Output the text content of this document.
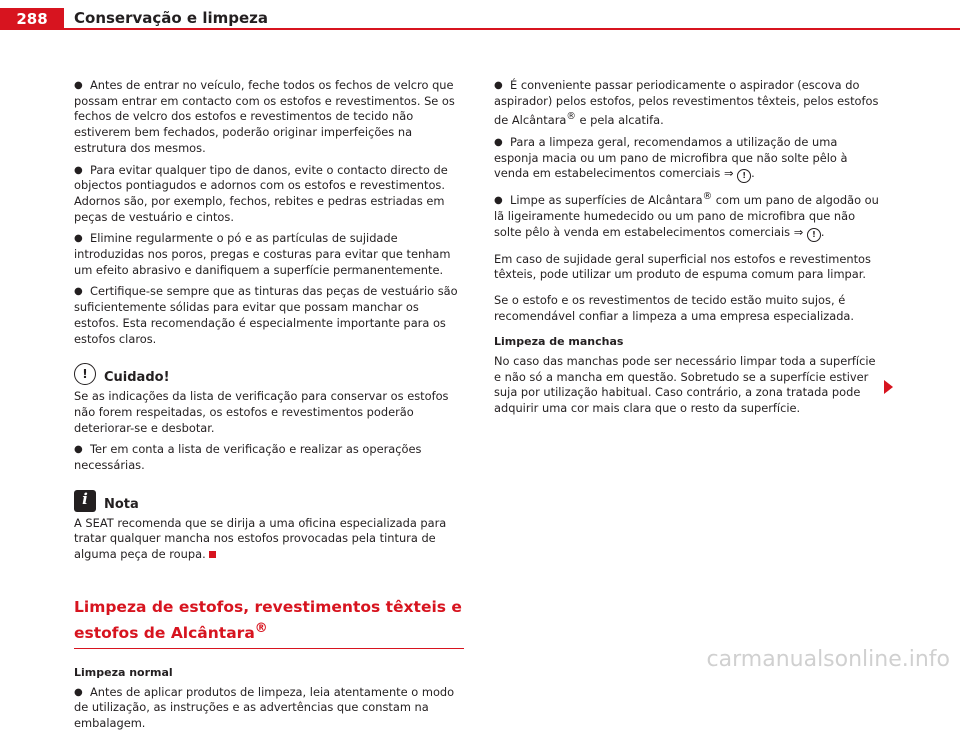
288	Conservação e limpeza

● Antes de entrar no veículo, feche todos os fechos de velcro que possam entrar em contacto com os estofos e revestimentos. Se os fechos de velcro dos estofos e revestimentos de tecido não estiverem bem fechados, poderão originar imperfeições na estrutura dos mesmos.

● Para evitar qualquer tipo de danos, evite o contacto directo de objectos pontiagudos e adornos com os estofos e revestimentos. Adornos são, por exemplo, fechos, rebites e pedras estriadas em peças de vestuário e cintos.

● Elimine regularmente o pó e as partículas de sujidade introduzidas nos poros, pregas e costuras para evitar que tenham um efeito abrasivo e danifiquem a superfície permanentemente.

● Certifique-se sempre que as tinturas das peças de vestuário são suficientemente sólidas para evitar que possam manchar os estofos. Esta recomendação é especialmente importante para os estofos claros.

!	Cuidado!

Se as indicações da lista de verificação para conservar os estofos não forem respeitadas, os estofos e revestimentos poderão deteriorar-se e desbotar.

● Ter em conta a lista de verificação e realizar as operações necessárias.

i	Nota

A SEAT recomenda que se dirija a uma oficina especializada para tratar qualquer mancha nos estofos provocadas pela tintura de alguma peça de roupa.

Limpeza de estofos, revestimentos têxteis e estofos de Alcântara®
Limpeza normal

● Antes de aplicar produtos de limpeza, leia atentamente o modo de utilização, as instruções e as advertências que constam na embalagem.

● É conveniente passar periodicamente o aspirador (escova do aspirador) pelos estofos, pelos revestimentos têxteis, pelos estofos de Alcântara® e pela alcatifa.

● Para a limpeza geral, recomendamos a utilização de uma esponja macia ou um pano de microfibra que não solte pêlo à venda em estabelecimentos comerciais ⇒ ! .

● Limpe as superfícies de Alcântara® com um pano de algodão ou lã ligeiramente humedecido ou um pano de microfibra que não solte pêlo à venda em estabelecimentos comerciais ⇒ ! .

Em caso de sujidade geral superficial nos estofos e revestimentos têxteis, pode utilizar um produto de espuma comum para limpar.

Se o estofo e os revestimentos de tecido estão muito sujos, é recomendável confiar a limpeza a uma empresa especializada.

Limpeza de manchas

No caso das manchas pode ser necessário limpar toda a superfície e não só a mancha em questão. Sobretudo se a superfície estiver suja por utilização habitual. Caso contrário, a zona tratada pode adquirir uma cor mais clara que o resto da superfície.

carmanualsonline.info
